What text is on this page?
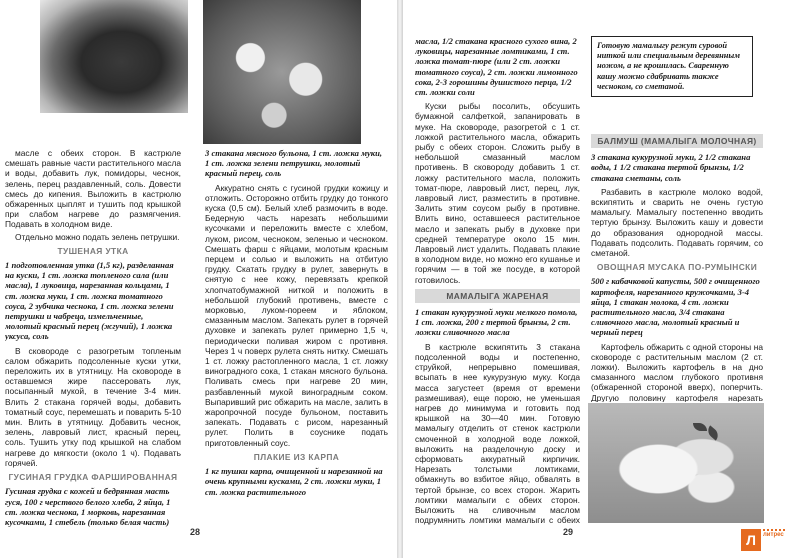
масле с обеих сторон. В кастрюле смешать равные части растительного масла и воды, добавить лук, помидоры, чеснок, зелень, перец раздавленный, соль. Довести смесь до кипения. Выложить в кастрюлю обжаренных цыплят и тушить под крышкой при слабом нагреве до размягчения. Подавать в холодном виде.

Отдельно можно подать зелень петрушки.

ТУШЕНАЯ УТКА
1 подготовленная утка (1,5 кг), разделанная на куски, 1 ст. ложка топленого сала (или масла), 1 луковица, нарезанная кольцами, 1 ст. ложка муки, 1 ст. ложка томатного соуса, 2 зубчика чеснока, 1 ст. ложка зелени петрушки и чабреца, измельченные, молотый красный перец (жгучий), 1 ложка уксуса, соль

В сковороде с разогретым топленым салом обжарить подсоленные куски утки, переложить их в утятницу. На сковороде в оставшемся жире пассеровать лук, посыпанный мукой, в течение 3-4 мин. Влить 2 стакана горячей воды, добавить томатный соус, перемешать и поварить 5-10 мин. Влить в утятницу. Добавить чеснок, зелень, лавровый лист, красный перец, соль. Тушить утку под крышкой на слабом нагреве до мягкости (около 1 ч). Подавать горячей.

ГУСИНАЯ ГРУДКА ФАРШИРОВАННАЯ
Гусиная грудка с кожей и бедрянная масть гуся, 100 г черствого белого хлеба, 2 яйца, 1 ст. ложка чеснока, 1 морковь, нарезанная кусочками, 1 стебель (только белая часть)
3 стакана мясного бульона, 1 ст. ложка муки, 1 ст. ложка зелени петрушки, молотый красный перец, соль

Аккуратно снять с гусиной грудки кожицу и отложить. Осторожно отбить грудку до тонкого куска (0,5 см). Белый хлеб размочить в воде. Бедерную часть нарезать небольшими кусочками и переложить вместе с хлебом, луком, рисом, чесноком, зеленью и чесноком. Смешать фарш с яйцами, молотым красным перцем и солью и выложить на отбитую грудку. Скатать грудку в рулет, завернуть в снятую с нее кожу, перевязать крепкой хлопчатобумажной ниткой и положить в небольшой глубокий противень, вместе с морковью, луком-пореем и яблоком, смазанным маслом. Запекать рулет в горячей духовке и запекать рулет примерно 1,5 ч, периодически поливая жиром с противня. Через 1 ч поверх рулета снять нитку. Смешать 1 ст. ложку растопленного масла, 1 ст. ложку виноградного сока, 1 стакан мясного бульона. Поливать смесь при нагреве 20 мин, разбавленный мукой виноградным соком. Выпаривший рис обжарить на масле, залить в жаропрочной посуде бульоном, поставить запекать. Подавать с рисом, нарезанный рулет. Полить в соуснике подать приготовленный соус.

ПЛАКИЕ ИЗ КАРПА
1 кг тушки карпа, очищенной и нарезанной на очень крупными кусками, 2 ст. ложки муки, 1 ст. ложка растительного
28
масла, 1/2 стакана красного сухого вина, 2 луковицы, нарезанные ломтиками, 1 ст. ложка томат-пюре (или 2 ст. ложки томатного соуса), 2 ст. ложки лимонного сока, 2-3 горошины душистого перца, 1/2 ст. ложки соли

Куски рыбы посолить, обсушить бумажной салфеткой, запанировать в муке. На сковороде, разогретой с 1 ст. ложкой растительного масла, обжарить рыбу с обеих сторон. Сложить рыбу в небольшой смазанный маслом противень. В сковороду добавить 1 ст. ложку растительного масла, положить томат-пюре, лавровый лист, перец, лук, лавровый лист, разместить в противне. Залить этим соусом рыбу в противне. Влить вино, оставшееся растительное масло и запекать рыбу в духовке при средней температуре около 15 мин. Лавровый лист удалить. Подавать плакие в холодном виде, но можно его кушанье и горячим — в той же посуде, в которой готовилось.

МАМАЛЫГА ЖАРЕНАЯ
1 стакан кукурузной муки мелкого помола, 1 ст. ложка, 200 г тертой брынзы, 2 ст. ложки сливочного масла

В кастрюле вскипятить 3 стакана подсоленной воды и постепенно, струйкой, непрерывно помешивая, всыпать в нее кукурузную муку. Когда масса загустеет (время от времени размешивая), еще порою, не уменьшая нагрев до минимума и готовить под крышкой на 30—40 мин. Готовую мамалыгу отделить от стенок кастрюли смоченной в холодной воде ложкой, выложить на разделочную доску и сформовать аккуратный кирпичик. Нарезать толстыми ломтиками, обмакнуть во взбитое яйцо, обвалять в тертой брынзе, со всех сторон. Жарить ломтики мамалыги с обеих сторон. Выложить на сливочным маслом подрумянить ломтики мамалыги с обеих

Готовую мамалыгу режут суровой ниткой или специальным деревянным ножом, а не крошилась. Сваренную кашу можно сдабривать также чесноком, со сметаной.
БАЛМУШ (МАМАЛЫГА МОЛОЧНАЯ)
3 стакана кукурузной муки, 2 1/2 стакана воды, 1 1/2 стакана тертой брынзы, 1/2 стакана сметаны, соль

Разбавить в кастрюле молоко водой, вскипятить и сварить не очень густую мамалыгу. Мамалыгу постепенно вводить тертую брынзу. Выложить кашу и довести до образования однородной массы. Подавать подсолить. Подавать горячим, со сметаной.

ОВОЩНАЯ МУСАКА ПО-РУМЫНСКИ
500 г кабачковой капусты, 500 г очищенного картофеля, нарезанного кружочками, 3-4 яйца, 1 стакан молока, 4 ст. ложки растительного масла, 3/4 стакана сливочного масла, молотый красный и черный перец

Картофель обжарить с одной стороны на сковороде с растительным маслом (2 ст. ложки). Выложить картофель в на дно смазанного маслом глубокого противня (обжаренной стороной вверх), поперчить. Другую половину картофеля нарезать

29	Л	литрес
